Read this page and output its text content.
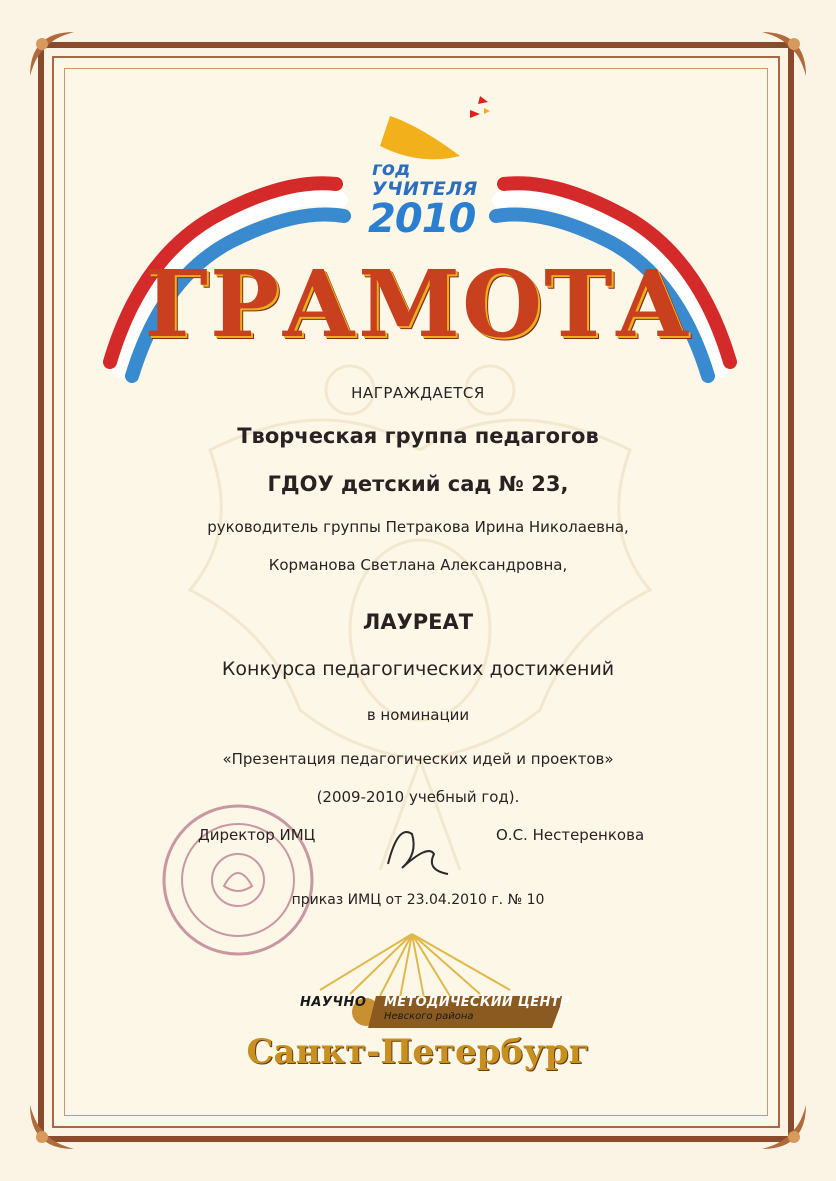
год
УЧИТЕЛЯ
2010
ГРАМОТА
НАГРАЖДАЕТСЯ
Творческая группа педагогов
ГДОУ детский сад № 23,
руководитель группы Петракова Ирина Николаевна,
Корманова Светлана Александровна,
ЛАУРЕАТ
Конкурса педагогических достижений
в номинации
«Презентация педагогических идей и проектов»
(2009-2010 учебный год).
Директор ИМЦ	О.С. Нестеренкова
приказ ИМЦ от 23.04.2010 г. № 10
НАУЧНО МЕТОДИЧЕСКИЙ ЦЕНТР
Невского района
Санкт-Петербург
